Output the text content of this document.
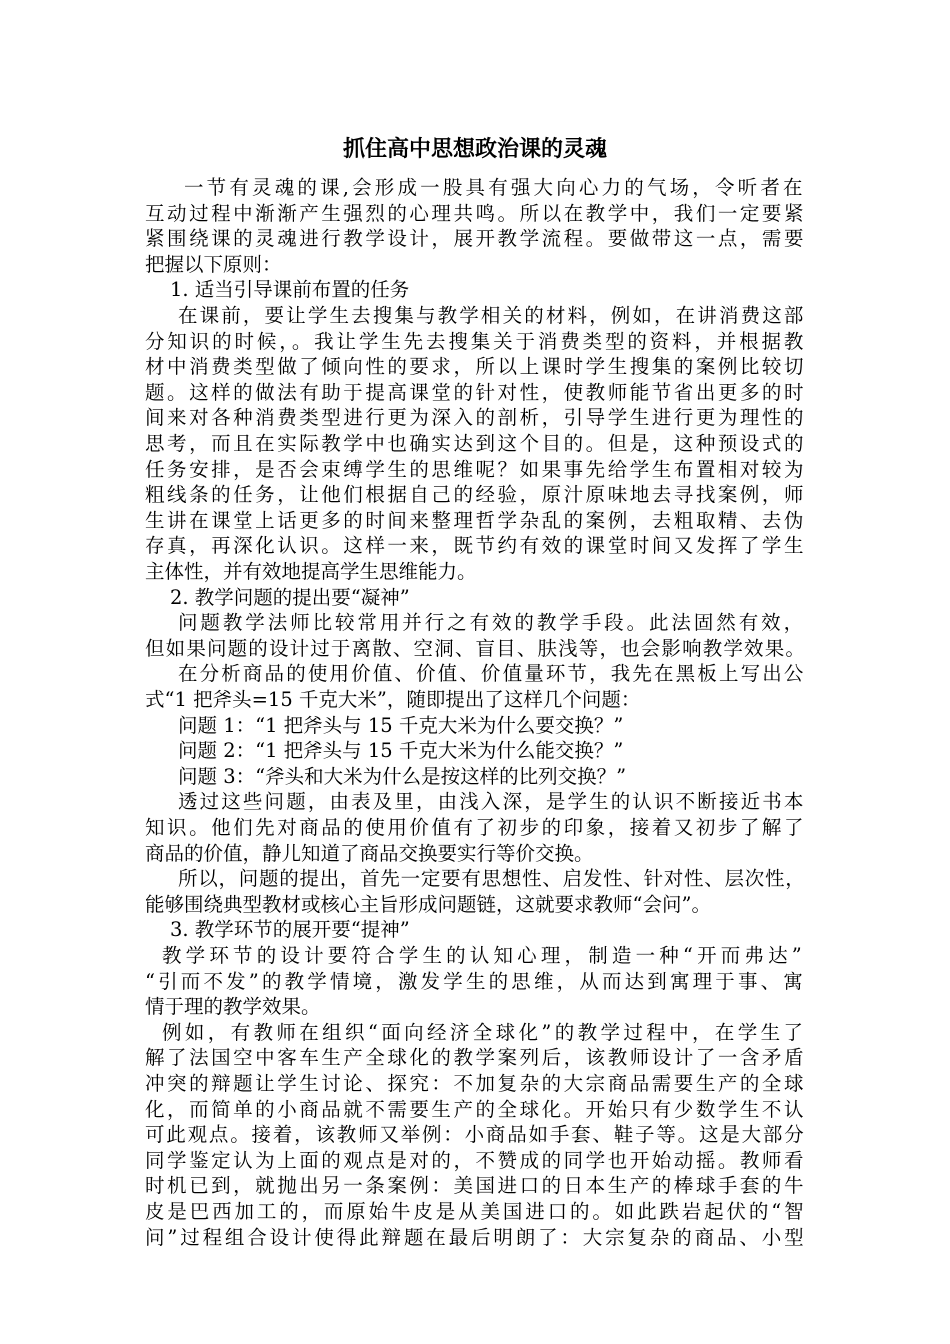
抓住高中思想政治课的灵魂
一节有灵魂的课,会形成一股具有强大向心力的气场，令听者在
互动过程中渐渐产生强烈的心理共鸣。所以在教学中，我们一定要紧
紧围绕课的灵魂进行教学设计，展开教学流程。要做带这一点，需要
把握以下原则：
1. 适当引导课前布置的任务
在课前，要让学生去搜集与教学相关的材料，例如，在讲消费这部
分知识的时候，。我让学生先去搜集关于消费类型的资料，并根据教
材中消费类型做了倾向性的要求，所以上课时学生搜集的案例比较切
题。这样的做法有助于提高课堂的针对性，使教师能节省出更多的时
间来对各种消费类型进行更为深入的剖析，引导学生进行更为理性的
思考，而且在实际教学中也确实达到这个目的。但是，这种预设式的
任务安排，是否会束缚学生的思维呢？如果事先给学生布置相对较为
粗线条的任务，让他们根据自己的经验，原汁原味地去寻找案例，师
生讲在课堂上话更多的时间来整理哲学杂乱的案例，去粗取精、去伪
存真，再深化认识。这样一来，既节约有效的课堂时间又发挥了学生
主体性，并有效地提高学生思维能力。
2. 教学问题的提出要“凝神”
问题教学法师比较常用并行之有效的教学手段。此法固然有效，
但如果问题的设计过于离散、空洞、盲目、肤浅等，也会影响教学效果。
在分析商品的使用价值、价值、价值量环节，我先在黑板上写出公
式“1 把斧头=15 千克大米”，随即提出了这样几个问题：
问题 1：“1 把斧头与 15 千克大米为什么要交换？”
问题 2：“1 把斧头与 15 千克大米为什么能交换？”
问题 3：“斧头和大米为什么是按这样的比列交换？”
透过这些问题，由表及里，由浅入深，是学生的认识不断接近书本
知识。他们先对商品的使用价值有了初步的印象，接着又初步了解了
商品的价值，静儿知道了商品交换要实行等价交换。
所以，问题的提出，首先一定要有思想性、启发性、针对性、层次性，
能够围绕典型教材或核心主旨形成问题链，这就要求教师“会问”。
3. 教学环节的展开要“提神”
教学环节的设计要符合学生的认知心理，制造一种“开而弗达”
“引而不发”的教学情境，激发学生的思维，从而达到寓理于事、寓
情于理的教学效果。
例如，有教师在组织“面向经济全球化”的教学过程中，在学生了
解了法国空中客车生产全球化的教学案列后，该教师设计了一含矛盾
冲突的辩题让学生讨论、探究：不加复杂的大宗商品需要生产的全球
化，而简单的小商品就不需要生产的全球化。开始只有少数学生不认
可此观点。接着，该教师又举例：小商品如手套、鞋子等。这是大部分
同学鉴定认为上面的观点是对的，不赞成的同学也开始动摇。教师看
时机已到，就抛出另一条案例：美国进口的日本生产的棒球手套的牛
皮是巴西加工的，而原始牛皮是从美国进口的。如此跌岩起伏的“智
问”过程组合设计使得此辩题在最后明朗了：大宗复杂的商品、小型
